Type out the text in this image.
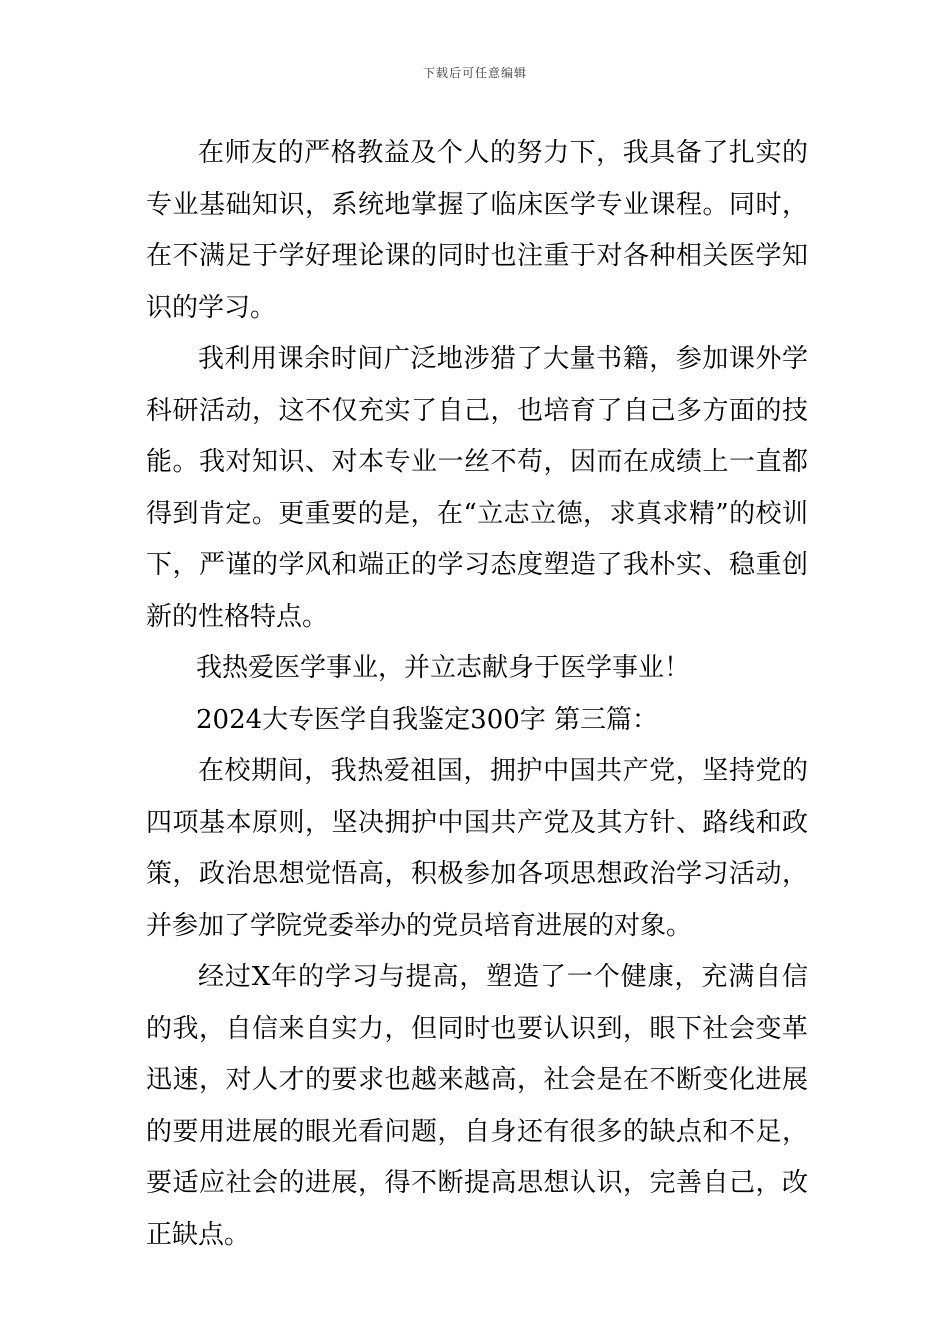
下载后可任意编辑

在师友的严格教益及个人的努力下，我具备了扎实的专业基础知识，系统地掌握了临床医学专业课程。同时，在不满足于学好理论课的同时也注重于对各种相关医学知识的学习。

我利用课余时间广泛地涉猎了大量书籍，参加课外学科研活动，这不仅充实了自己，也培育了自己多方面的技能。我对知识、对本专业一丝不苟，因而在成绩上一直都得到肯定。更重要的是，在“立志立德，求真求精”的校训下，严谨的学风和端正的学习态度塑造了我朴实、稳重创新的性格特点。

我热爱医学事业，并立志献身于医学事业！

2024大专医学自我鉴定300字 第三篇：

在校期间，我热爱祖国，拥护中国共产党，坚持党的四项基本原则，坚决拥护中国共产党及其方针、路线和政策，政治思想觉悟高，积极参加各项思想政治学习活动，并参加了学院党委举办的党员培育进展的对象。

经过X年的学习与提高，塑造了一个健康，充满自信的我，自信来自实力，但同时也要认识到，眼下社会变革迅速，对人才的要求也越来越高，社会是在不断变化进展的要用进展的眼光看问题，自身还有很多的缺点和不足，要适应社会的进展，得不断提高思想认识，完善自己，改正缺点。
